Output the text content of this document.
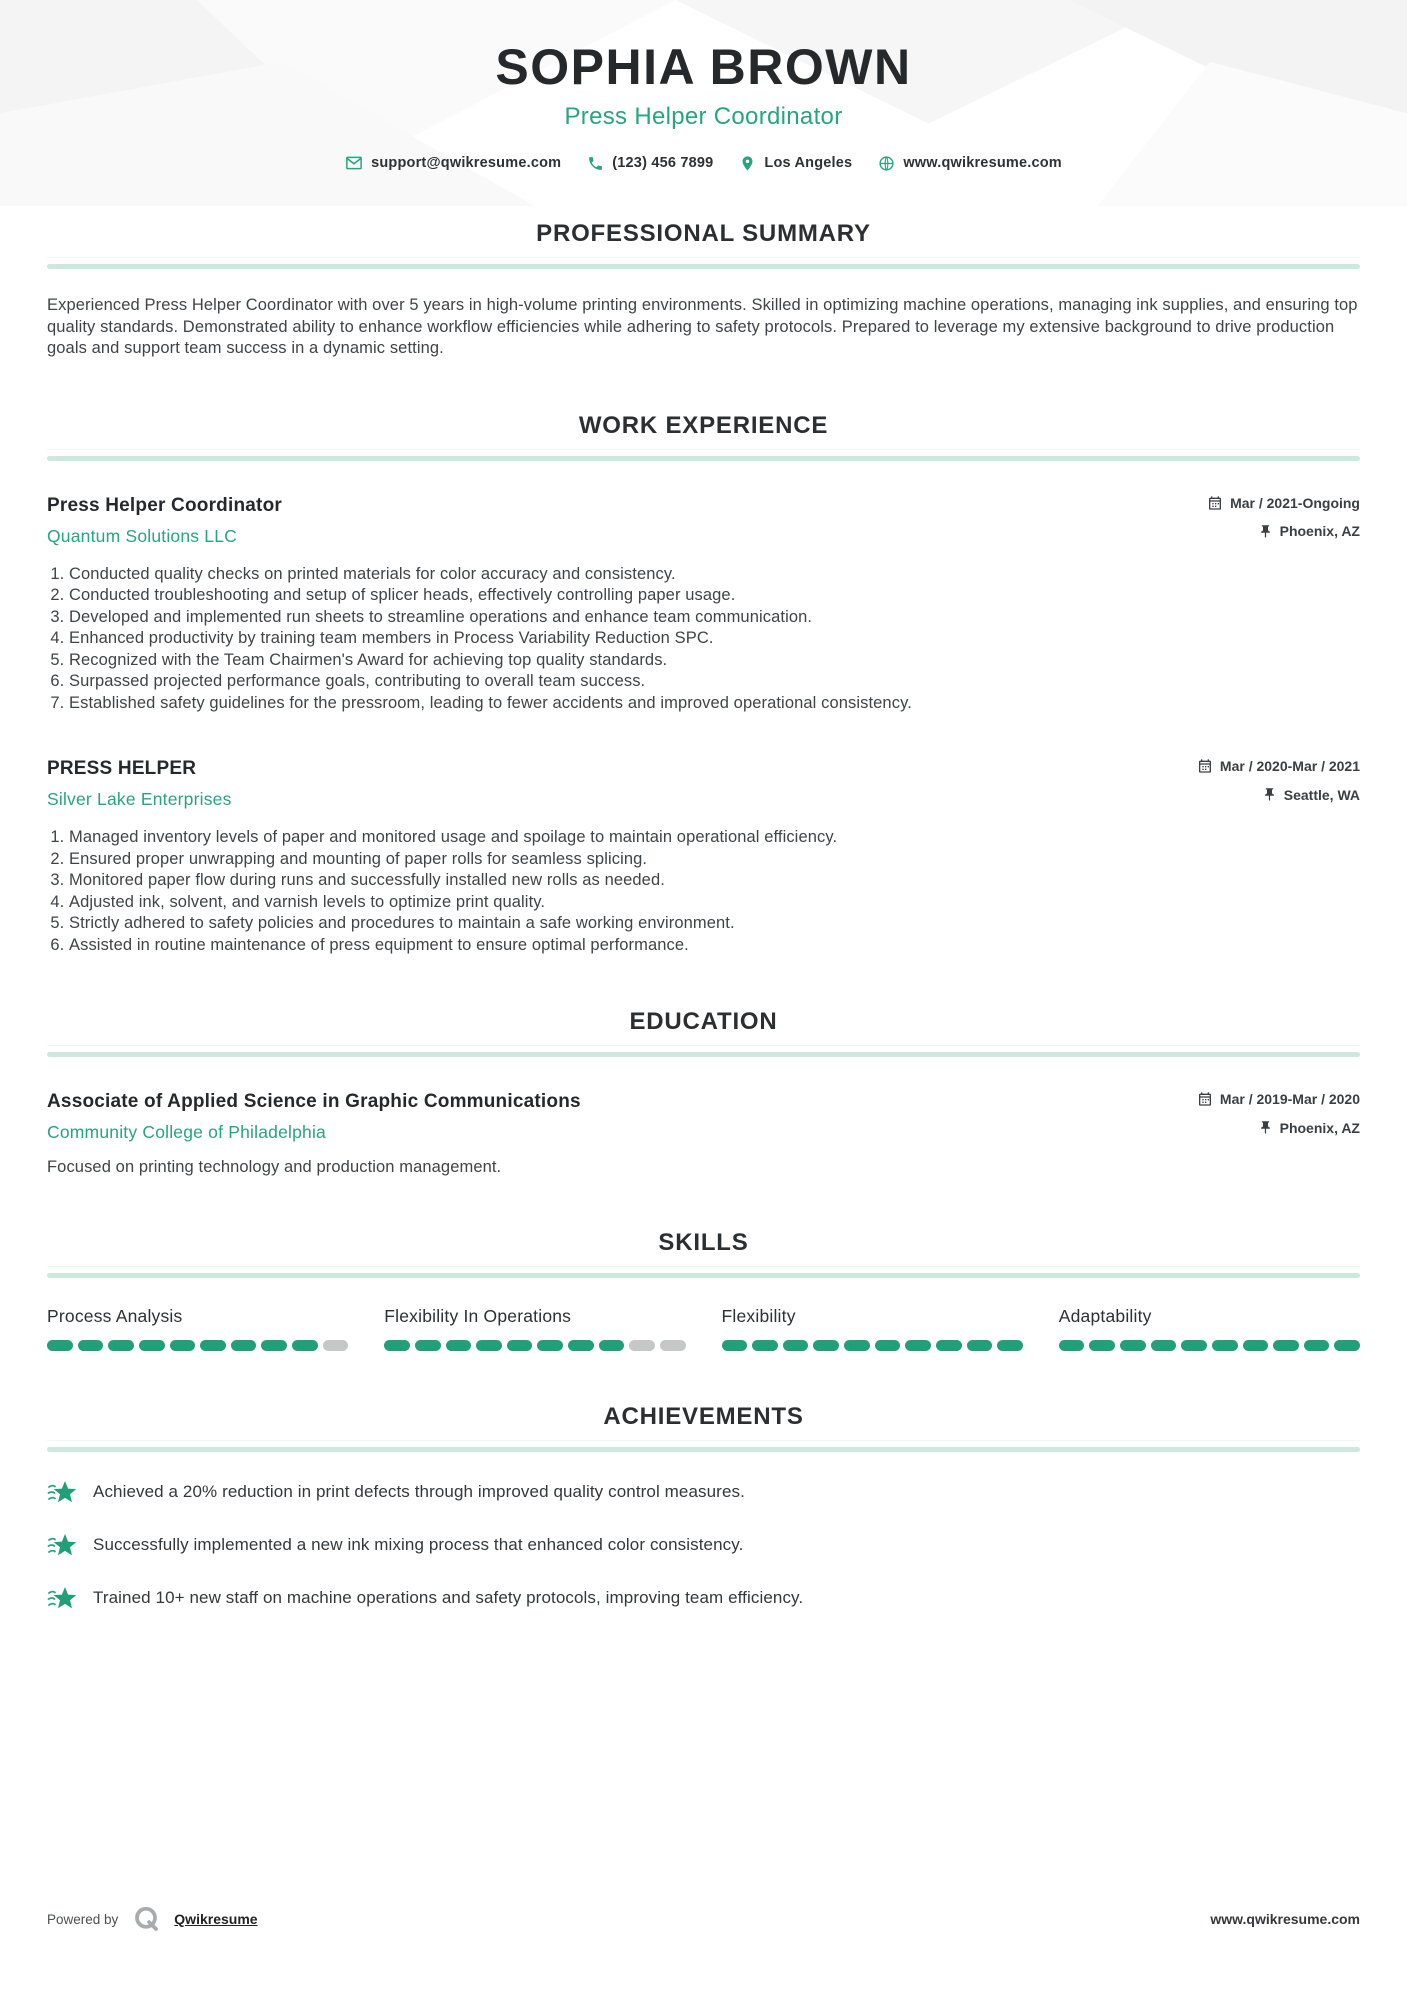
SOPHIA BROWN
Press Helper Coordinator
support@qwikresume.com	(123) 456 7899	Los Angeles	www.qwikresume.com
PROFESSIONAL SUMMARY

Experienced Press Helper Coordinator with over 5 years in high-volume printing environments. Skilled in optimizing machine operations, managing ink supplies, and ensuring top quality standards. Demonstrated ability to enhance workflow efficiencies while adhering to safety protocols. Prepared to leverage my extensive background to drive production goals and support team success in a dynamic setting.

WORK EXPERIENCE
Press Helper Coordinator
Quantum Solutions LLC
Mar / 2021-Ongoing
Phoenix, AZ
1. Conducted quality checks on printed materials for color accuracy and consistency.
2. Conducted troubleshooting and setup of splicer heads, effectively controlling paper usage.
3. Developed and implemented run sheets to streamline operations and enhance team communication.
4. Enhanced productivity by training team members in Process Variability Reduction SPC.
5. Recognized with the Team Chairmen's Award for achieving top quality standards.
6. Surpassed projected performance goals, contributing to overall team success.
7. Established safety guidelines for the pressroom, leading to fewer accidents and improved operational consistency.
PRESS HELPER
Silver Lake Enterprises
Mar / 2020-Mar / 2021
Seattle, WA
1. Managed inventory levels of paper and monitored usage and spoilage to maintain operational efficiency.
2. Ensured proper unwrapping and mounting of paper rolls for seamless splicing.
3. Monitored paper flow during runs and successfully installed new rolls as needed.
4. Adjusted ink, solvent, and varnish levels to optimize print quality.
5. Strictly adhered to safety policies and procedures to maintain a safe working environment.
6. Assisted in routine maintenance of press equipment to ensure optimal performance.
EDUCATION
Associate of Applied Science in Graphic Communications
Community College of Philadelphia
Mar / 2019-Mar / 2020
Phoenix, AZ
Focused on printing technology and production management.
SKILLS
Process Analysis	Flexibility In Operations	Flexibility	Adaptability
ACHIEVEMENTS
Achieved a 20% reduction in print defects through improved quality control measures.
Successfully implemented a new ink mixing process that enhanced color consistency.
Trained 10+ new staff on machine operations and safety protocols, improving team efficiency.
Powered by	Qwikresume	www.qwikresume.com
